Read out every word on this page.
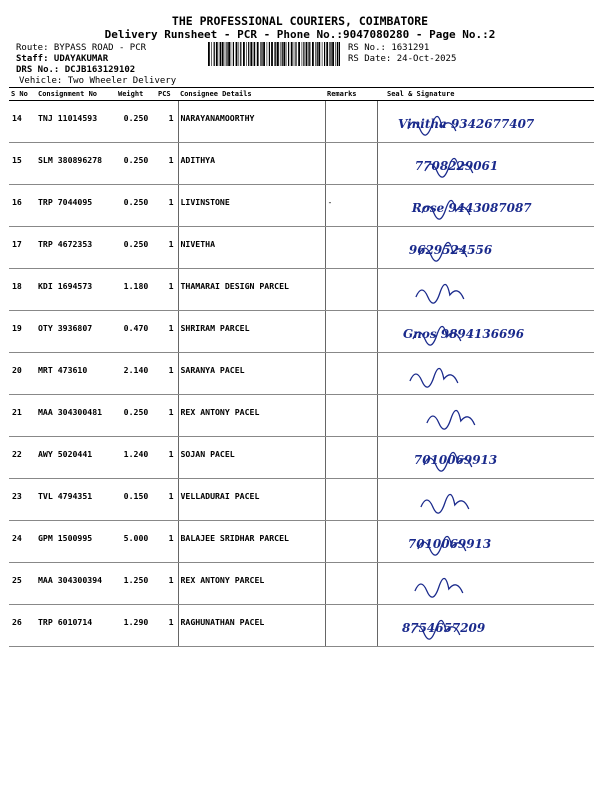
THE PROFESSIONAL COURIERS, COIMBATORE
Delivery Runsheet - PCR - Phone No.:9047080280 - Page No.:2
Route: BYPASS ROAD - PCR
Staff: UDAYAKUMAR
DRS No.: DCJB163129102
Vehicle: Two Wheeler Delivery
RS No.: 1631291
RS Date: 24-Oct-2025
S No	Consignment No	Weight	PCS	Consignee Details	Remarks	Seal & Signature
14	TNJ 11014593	0.250	1	NARAYANAMOORTHY		Vinitha 9342677407

15	SLM 380896278	0.250	1	ADITHYA		7708229061

16	TRP 7044095	0.250	1	LIVINSTONE	-	Rose 9443087087

17	TRP 4672353	0.250	1	NIVETHA		9629524556

18	KDI 1694573	1.180	1	THAMARAI DESIGN PARCEL		

19	OTY 3936807	0.470	1	SHRIRAM PARCEL		Gnos 9894136696

20	MRT 473610	2.140	1	SARANYA PACEL		

21	MAA 304300481	0.250	1	REX ANTONY PACEL		

22	AWY 5020441	1.240	1	SOJAN PACEL		7010069913

23	TVL 4794351	0.150	1	VELLADURAI PACEL		

24	GPM 1500995	5.000	1	BALAJEE SRIDHAR PARCEL		7010069913

25	MAA 304300394	1.250	1	REX ANTONY PARCEL		

26	TRP 6010714	1.290	1	RAGHUNATHAN PACEL		8754657209
